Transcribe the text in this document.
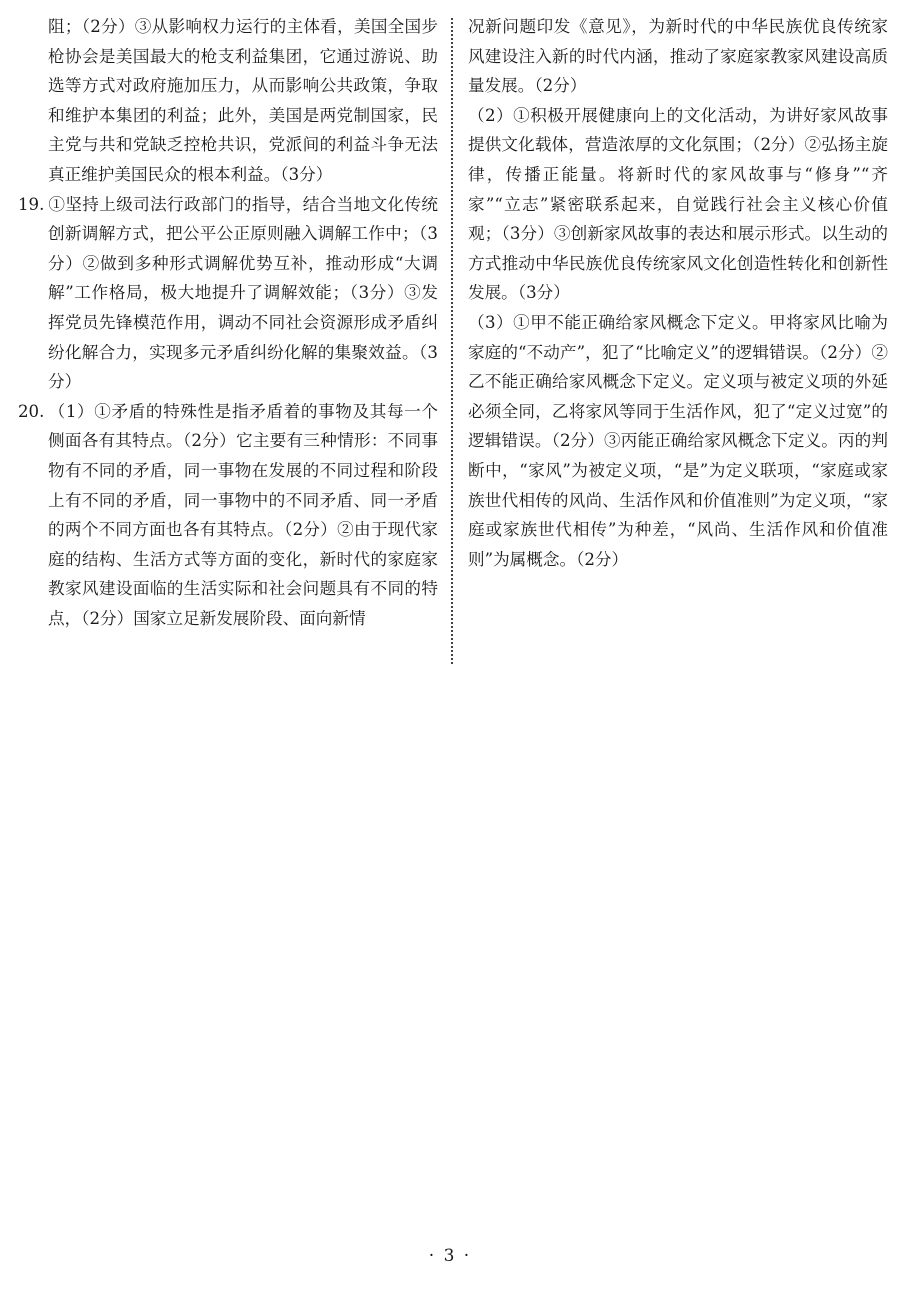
阻；（2分）③从影响权力运行的主体看，美国全国步枪协会是美国最大的枪支利益集团，它通过游说、助选等方式对政府施加压力，从而影响公共政策，争取和维护本集团的利益；此外，美国是两党制国家，民主党与共和党缺乏控枪共识，党派间的利益斗争无法真正维护美国民众的根本利益。（3分）

19. ①坚持上级司法行政部门的指导，结合当地文化传统创新调解方式，把公平公正原则融入调解工作中；（3分）②做到多种形式调解优势互补，推动形成“大调解”工作格局，极大地提升了调解效能；（3分）③发挥党员先锋模范作用，调动不同社会资源形成矛盾纠纷化解合力，实现多元矛盾纠纷化解的集聚效益。（3分）

20. （1）①矛盾的特殊性是指矛盾着的事物及其每一个侧面各有其特点。（2分）它主要有三种情形：不同事物有不同的矛盾，同一事物在发展的不同过程和阶段上有不同的矛盾，同一事物中的不同矛盾、同一矛盾的两个不同方面也各有其特点。（2分）②由于现代家庭的结构、生活方式等方面的变化，新时代的家庭家教家风建设面临的生活实际和社会问题具有不同的特点，（2分）国家立足新发展阶段、面向新情

况新问题印发《意见》，为新时代的中华民族优良传统家风建设注入新的时代内涵，推动了家庭家教家风建设高质量发展。（2分）

（2）①积极开展健康向上的文化活动，为讲好家风故事提供文化载体，营造浓厚的文化氛围；（2分）②弘扬主旋律，传播正能量。将新时代的家风故事与“修身”“齐家”“立志”紧密联系起来，自觉践行社会主义核心价值观；（3分）③创新家风故事的表达和展示形式。以生动的方式推动中华民族优良传统家风文化创造性转化和创新性发展。（3分）

（3）①甲不能正确给家风概念下定义。甲将家风比喻为家庭的“不动产”，犯了“比喻定义”的逻辑错误。（2分）②乙不能正确给家风概念下定义。定义项与被定义项的外延必须全同，乙将家风等同于生活作风，犯了“定义过宽”的逻辑错误。（2分）③丙能正确给家风概念下定义。丙的判断中，“家风”为被定义项，“是”为定义联项，“家庭或家族世代相传的风尚、生活作风和价值准则”为定义项，“家庭或家族世代相传”为种差，“风尚、生活作风和价值准则”为属概念。（2分）

· 3 ·
